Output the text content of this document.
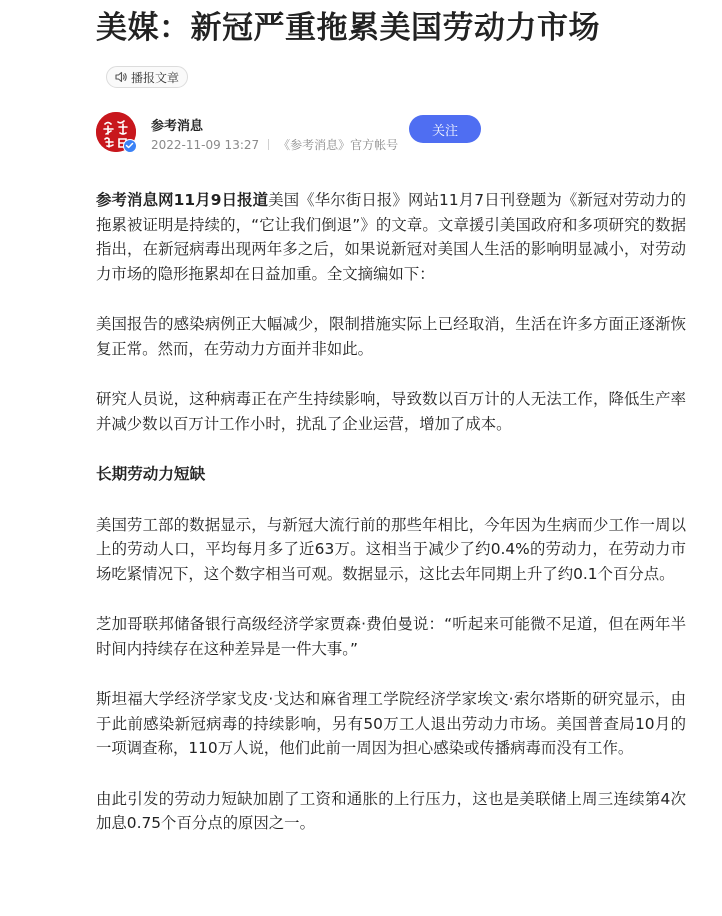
美媒：新冠严重拖累美国劳动力市场
播报文章
参考消息
2022-11-09 13:27 《参考消息》官方帐号
关注

参考消息网11月9日报道美国《华尔街日报》网站11月7日刊登题为《新冠对劳动力的拖累被证明是持续的，“它让我们倒退”》的文章。文章援引美国政府和多项研究的数据指出，在新冠病毒出现两年多之后，如果说新冠对美国人生活的影响明显减小，对劳动力市场的隐形拖累却在日益加重。全文摘编如下：

美国报告的感染病例正大幅减少，限制措施实际上已经取消，生活在许多方面正逐渐恢复正常。然而，在劳动力方面并非如此。

研究人员说，这种病毒正在产生持续影响，导致数以百万计的人无法工作，降低生产率并减少数以百万计工作小时，扰乱了企业运营，增加了成本。

长期劳动力短缺

美国劳工部的数据显示，与新冠大流行前的那些年相比，今年因为生病而少工作一周以上的劳动人口，平均每月多了近63万。这相当于减少了约0.4%的劳动力，在劳动力市场吃紧情况下，这个数字相当可观。数据显示，这比去年同期上升了约0.1个百分点。

芝加哥联邦储备银行高级经济学家贾森·费伯曼说：“听起来可能微不足道，但在两年半时间内持续存在这种差异是一件大事。”

斯坦福大学经济学家戈皮·戈达和麻省理工学院经济学家埃文·索尔塔斯的研究显示，由于此前感染新冠病毒的持续影响，另有50万工人退出劳动力市场。美国普查局10月的一项调查称，110万人说，他们此前一周因为担心感染或传播病毒而没有工作。

由此引发的劳动力短缺加剧了工资和通胀的上行压力，这也是美联储上周三连续第4次加息0.75个百分点的原因之一。
